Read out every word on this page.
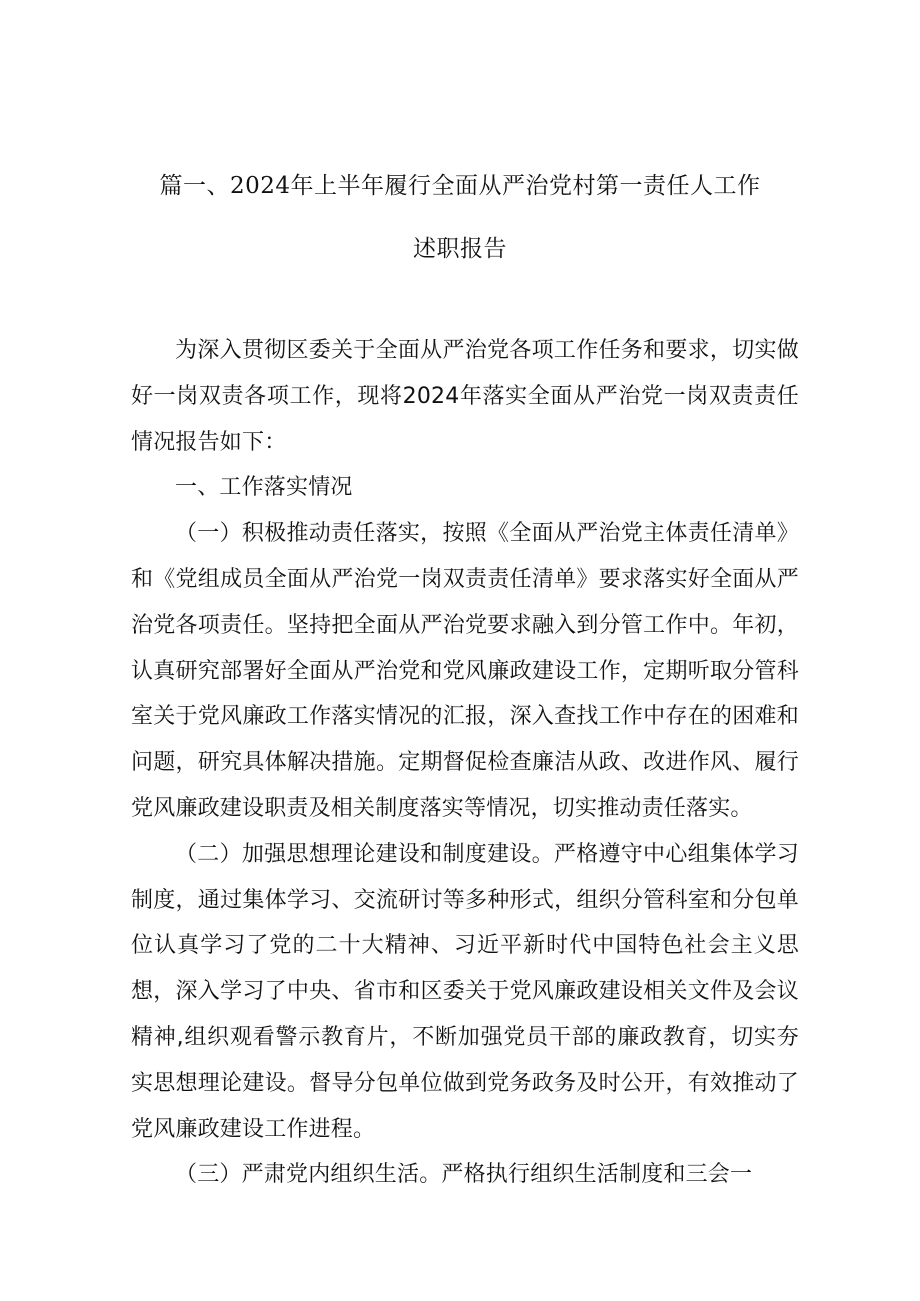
篇一、2024年上半年履行全面从严治党村第一责任人工作
述职报告

为深入贯彻区委关于全面从严治党各项工作任务和要求，切实做好一岗双责各项工作，现将2024年落实全面从严治党一岗双责责任情况报告如下：

一、工作落实情况

（一）积极推动责任落实，按照《全面从严治党主体责任清单》和《党组成员全面从严治党一岗双责责任清单》要求落实好全面从严治党各项责任。坚持把全面从严治党要求融入到分管工作中。年初，认真研究部署好全面从严治党和党风廉政建设工作，定期听取分管科室关于党风廉政工作落实情况的汇报，深入查找工作中存在的困难和问题，研究具体解决措施。定期督促检查廉洁从政、改进作风、履行党风廉政建设职责及相关制度落实等情况，切实推动责任落实。

（二）加强思想理论建设和制度建设。严格遵守中心组集体学习制度，通过集体学习、交流研讨等多种形式，组织分管科室和分包单位认真学习了党的二十大精神、习近平新时代中国特色社会主义思想，深入学习了中央、省市和区委关于党风廉政建设相关文件及会议精神,组织观看警示教育片，不断加强党员干部的廉政教育，切实夯实思想理论建设。督导分包单位做到党务政务及时公开，有效推动了党风廉政建设工作进程。

（三）严肃党内组织生活。严格执行组织生活制度和三会一
